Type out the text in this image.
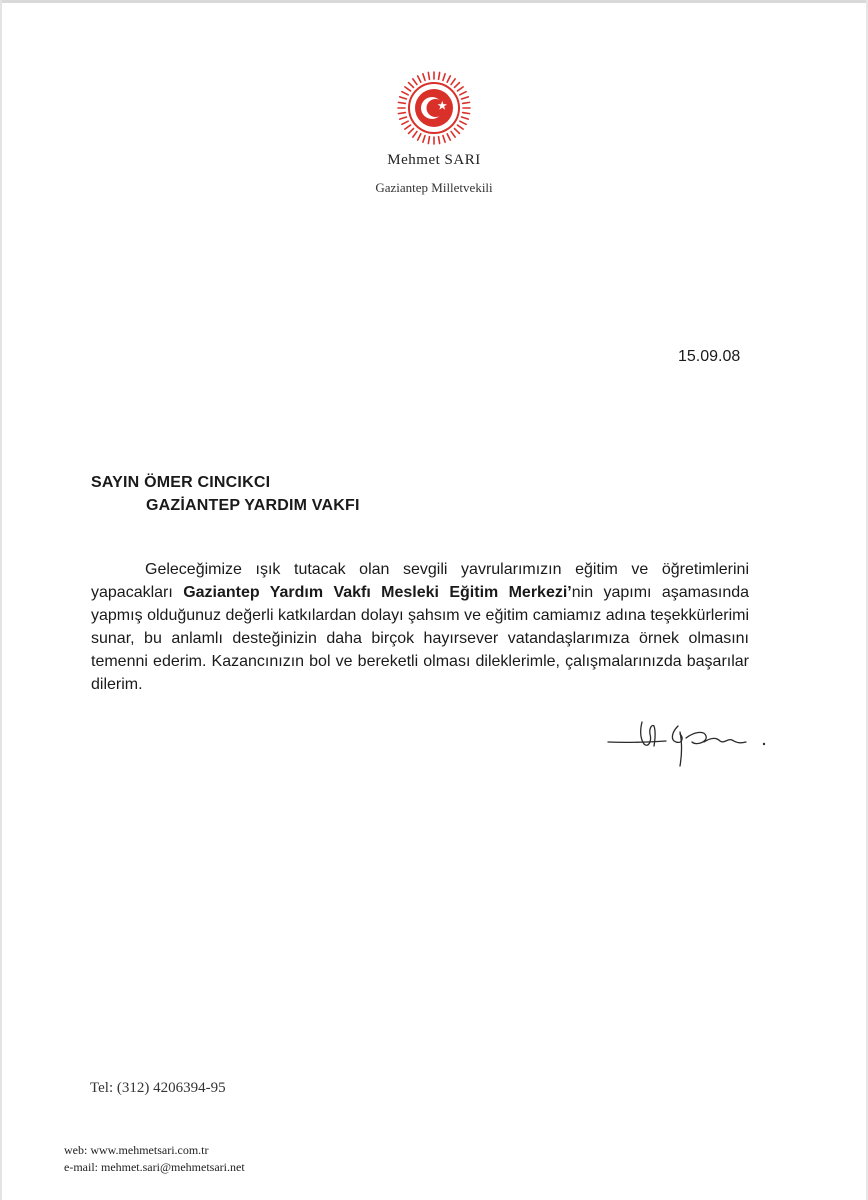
Mehmet SARI
Gaziantep Milletvekili
15.09.08
SAYIN ÖMER CINCIKCI
GAZİANTEP YARDIM VAKFI
Geleceğimize ışık tutacak olan sevgili yavrularımızın eğitim ve öğretimlerini yapacakları Gaziantep Yardım Vakfı Mesleki Eğitim Merkezi’nin yapımı aşamasında yapmış olduğunuz değerli katkılardan dolayı şahsım ve eğitim camiamız adına teşekkürlerimi sunar, bu anlamlı desteğinizin daha birçok hayırsever vatandaşlarımıza örnek olmasını temenni ederim. Kazancınızın bol ve bereketli olması dileklerimle, çalışmalarınızda başarılar dilerim.
Tel: (312) 4206394-95
web: www.mehmetsari.com.tr
e-mail: mehmet.sari@mehmetsari.net
